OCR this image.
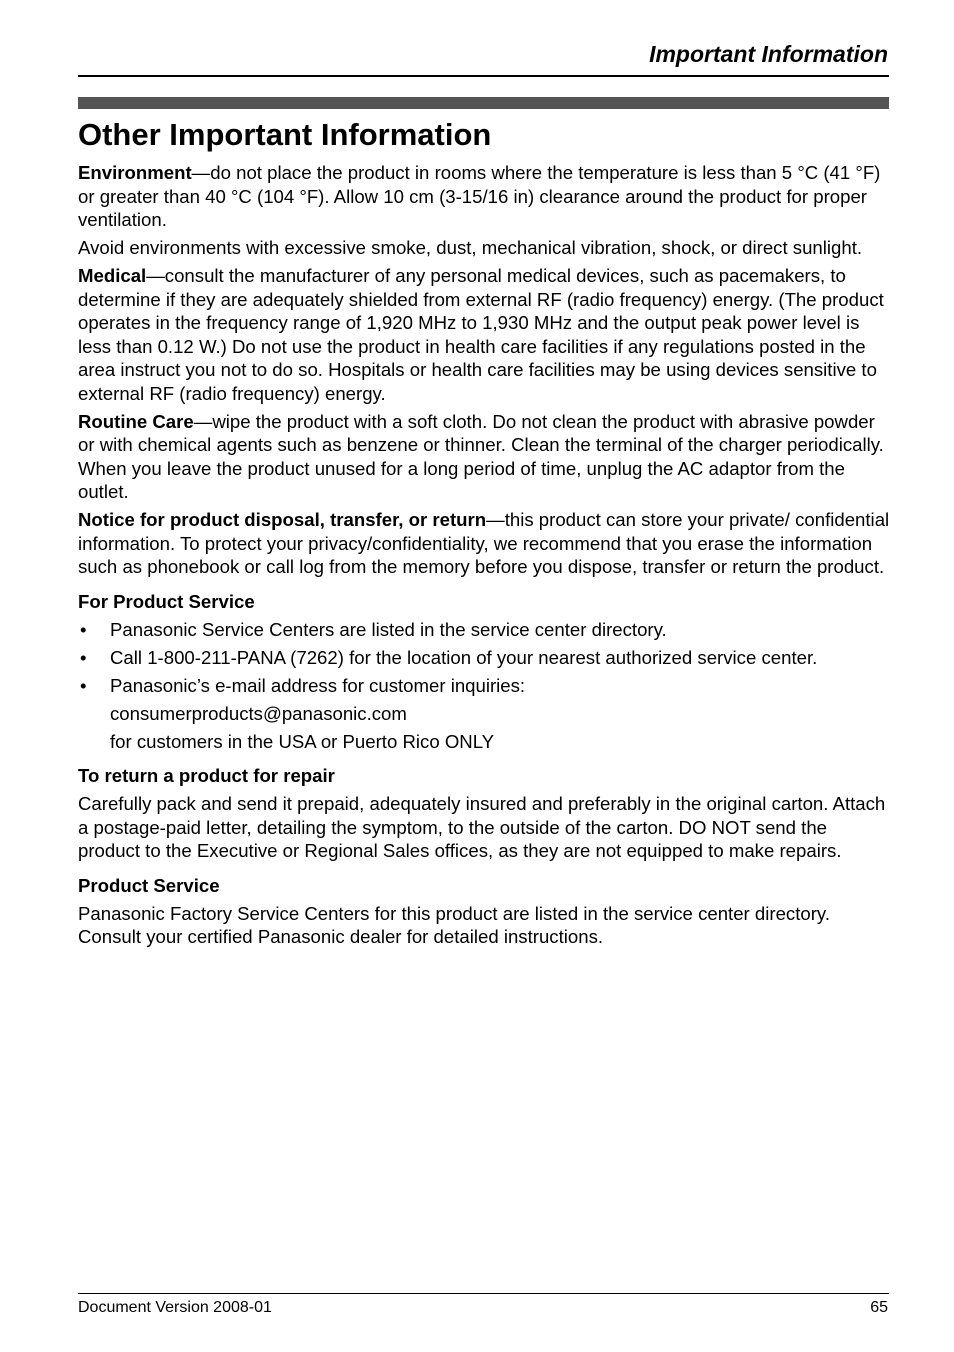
Important Information
Other Important Information

Environment—do not place the product in rooms where the temperature is less than 5 °C (41 °F) or greater than 40 °C (104 °F). Allow 10 cm (3-15/16 in) clearance around the product for proper ventilation.

Avoid environments with excessive smoke, dust, mechanical vibration, shock, or direct sunlight.

Medical—consult the manufacturer of any personal medical devices, such as pacemakers, to determine if they are adequately shielded from external RF (radio frequency) energy. (The product operates in the frequency range of 1,920 MHz to 1,930 MHz and the output peak power level is less than 0.12 W.) Do not use the product in health care facilities if any regulations posted in the area instruct you not to do so. Hospitals or health care facilities may be using devices sensitive to external RF (radio frequency) energy.

Routine Care—wipe the product with a soft cloth. Do not clean the product with abrasive powder or with chemical agents such as benzene or thinner. Clean the terminal of the charger periodically. When you leave the product unused for a long period of time, unplug the AC adaptor from the outlet.

Notice for product disposal, transfer, or return—this product can store your private/ confidential information. To protect your privacy/confidentiality, we recommend that you erase the information such as phonebook or call log from the memory before you dispose, transfer or return the product.

For Product Service
• Panasonic Service Centers are listed in the service center directory.
• Call 1-800-211-PANA (7262) for the location of your nearest authorized service center.
• Panasonic’s e-mail address for customer inquiries:
consumerproducts@panasonic.com
for customers in the USA or Puerto Rico ONLY
To return a product for repair

Carefully pack and send it prepaid, adequately insured and preferably in the original carton. Attach a postage-paid letter, detailing the symptom, to the outside of the carton. DO NOT send the product to the Executive or Regional Sales offices, as they are not equipped to make repairs.

Product Service

Panasonic Factory Service Centers for this product are listed in the service center directory. Consult your certified Panasonic dealer for detailed instructions.

Document Version 2008-01	65
